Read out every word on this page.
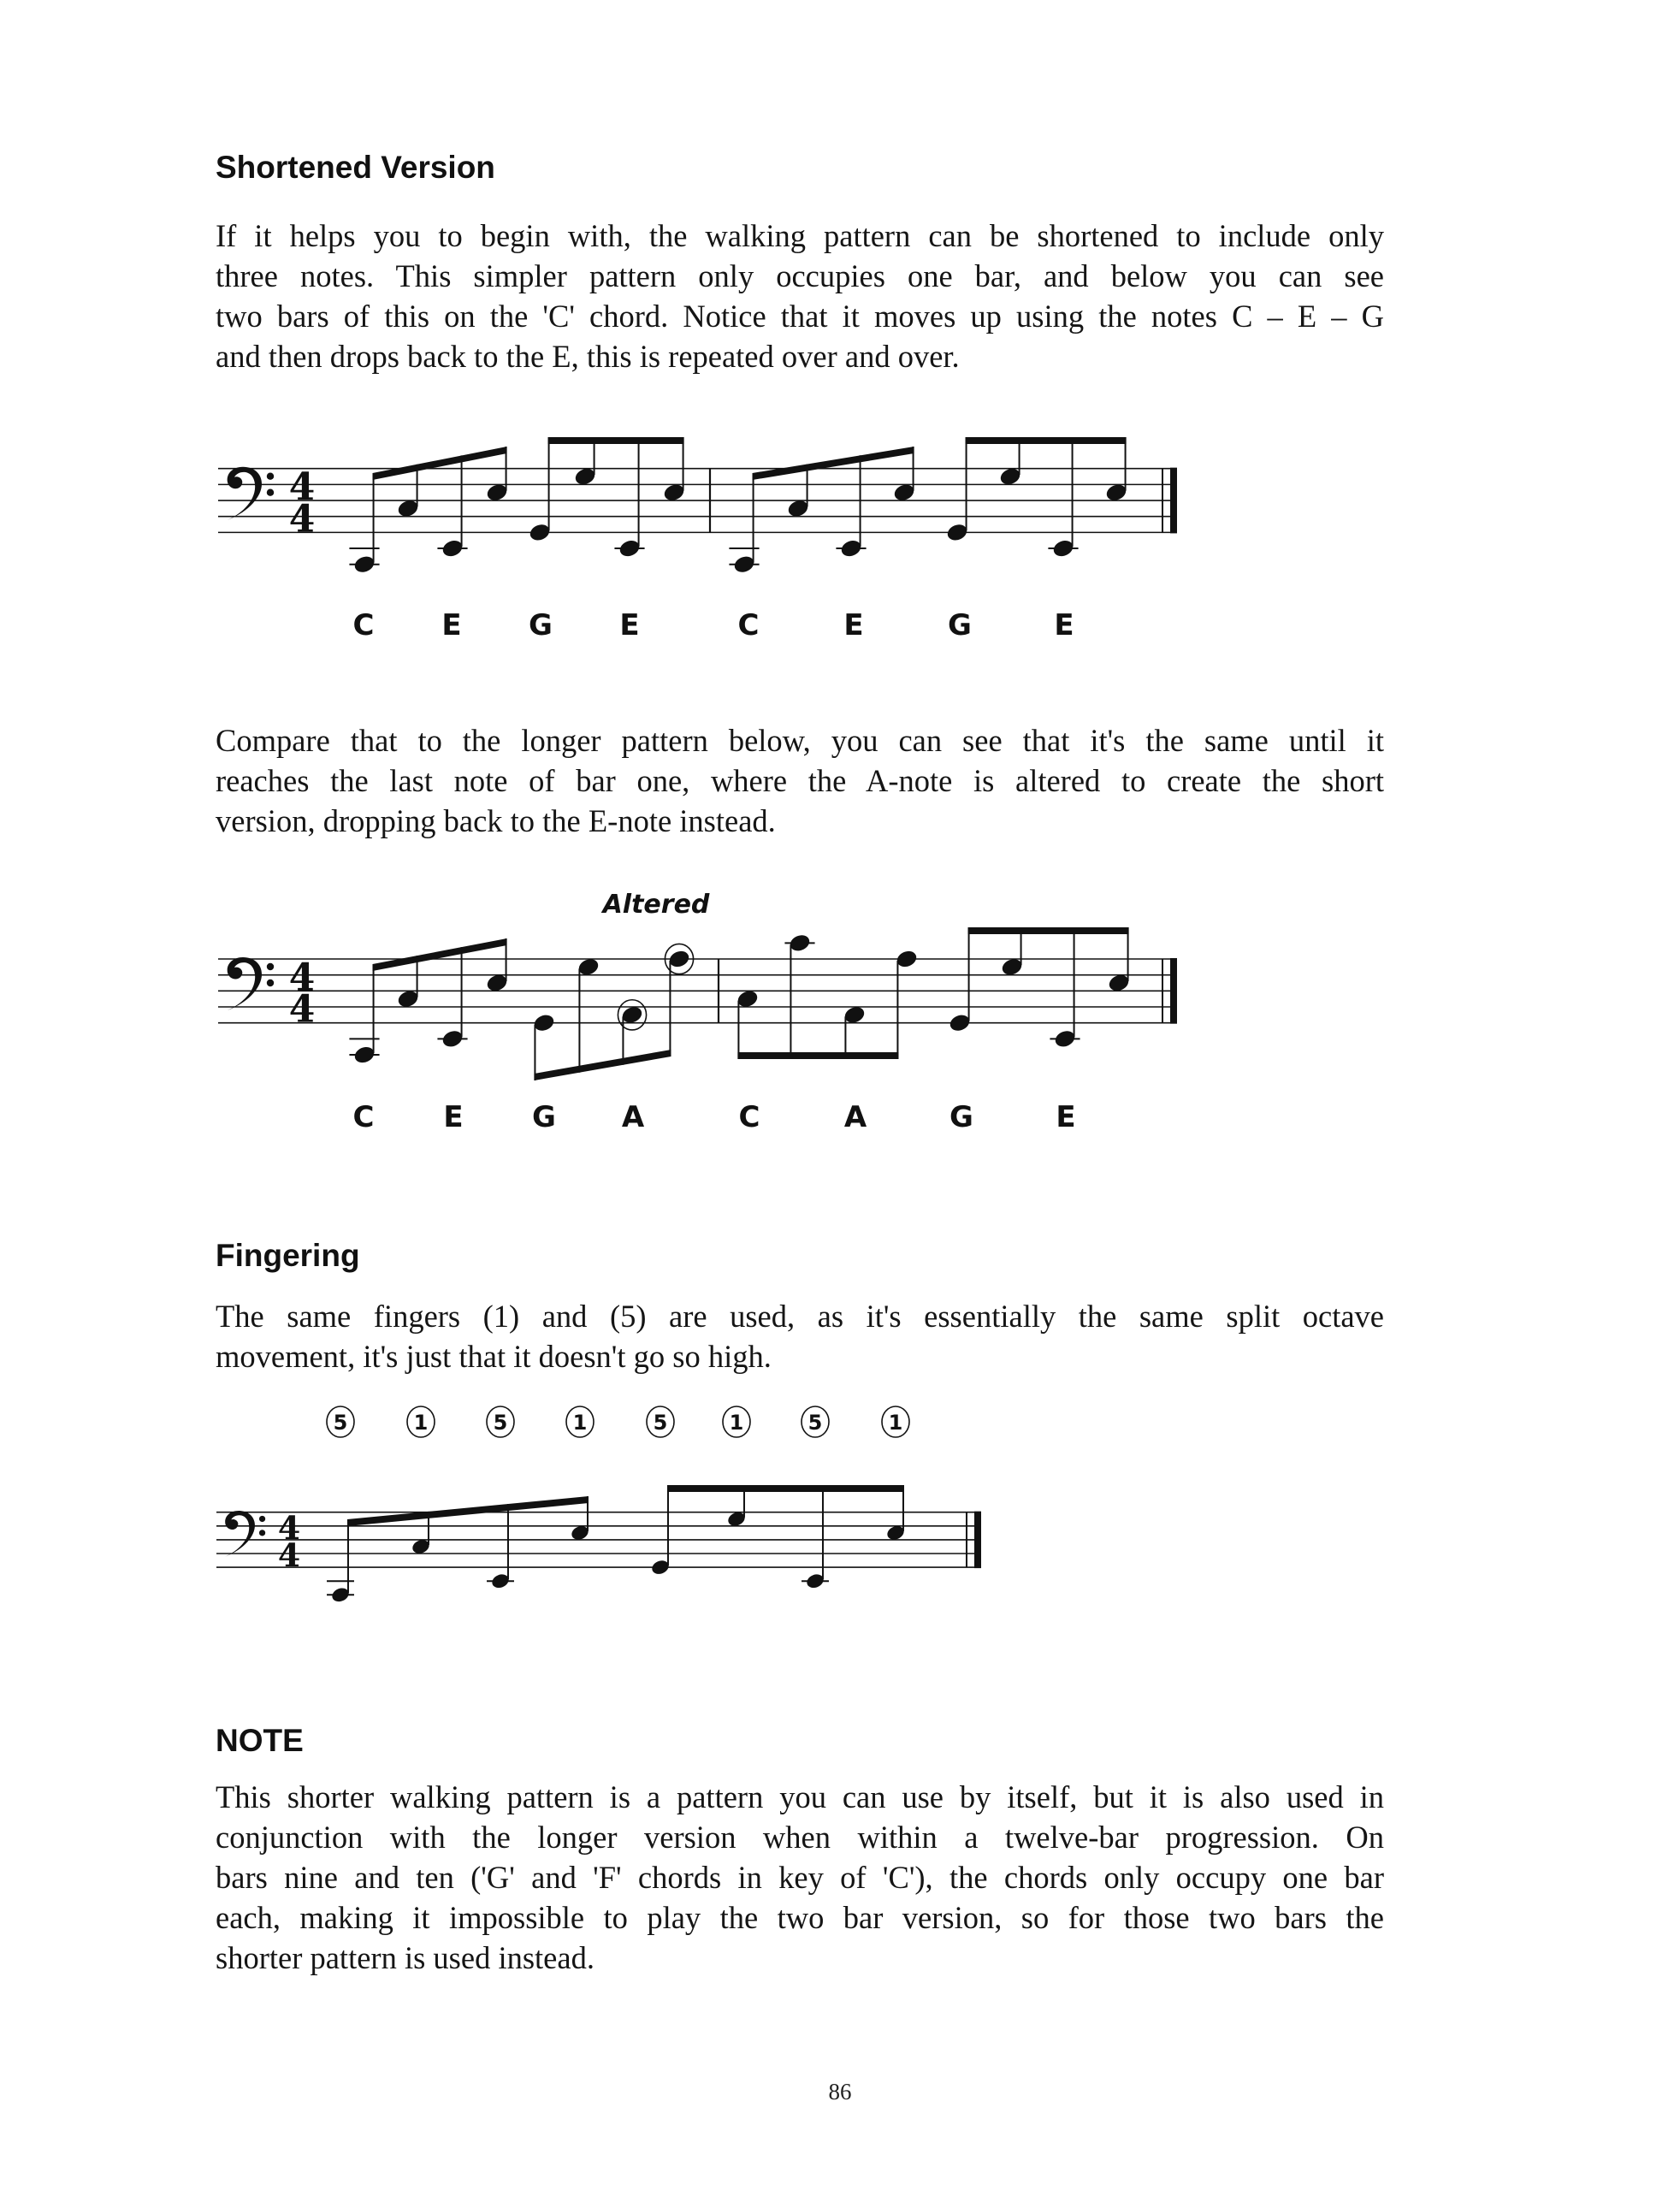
Shortened Version

If it helps you to begin with, the walking pattern can be shortened to include only
three notes. This simpler pattern only occupies one bar, and below you can see
two bars of this on the 'C' chord. Notice that it moves up using the notes C – E – G
and then drops back to the E, this is repeated over and over.

Compare that to the longer pattern below, you can see that it's the same until it
reaches the last note of bar one, where the A-note is altered to create the short
version, dropping back to the E-note instead.

Fingering

The same fingers (1) and (5) are used, as it's essentially the same split octave
movement, it's just that it doesn't go so high.

NOTE

This shorter walking pattern is a pattern you can use by itself, but it is also used in
conjunction with the longer version when within a twelve-bar progression. On
bars nine and ten ('G' and 'F' chords in key of 'C'), the chords only occupy one bar
each, making it impossible to play the two bar version, so for those two bars the
shorter pattern is used instead.

4
4
C E G E	C	E	G	E
4
4
C E G A	C	A	G	E
Altered
4
4
5	1	5	1	5	1	5	1
86
